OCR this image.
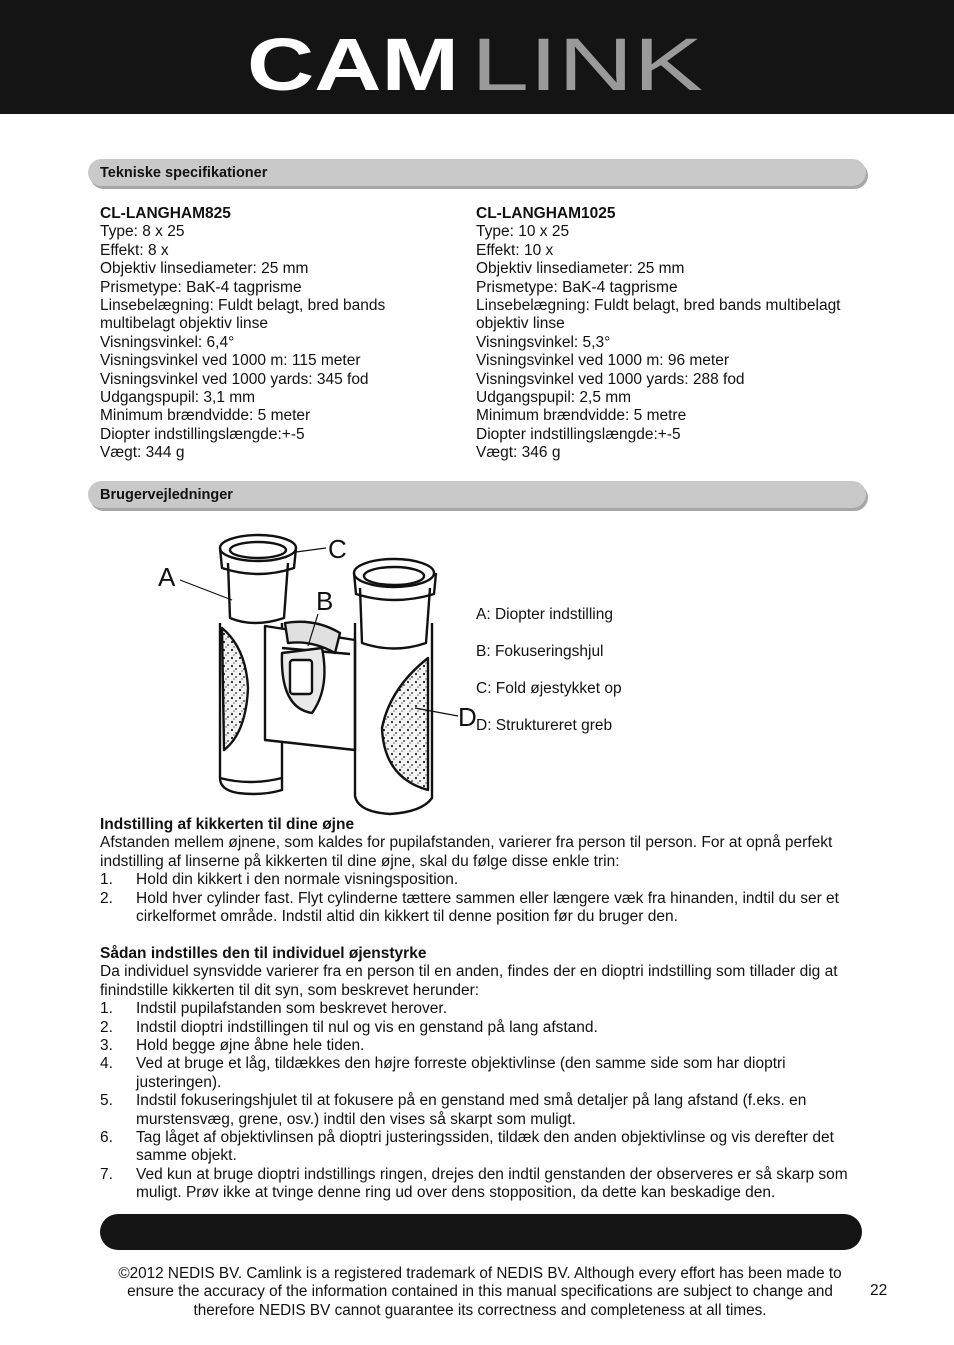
CAM LINK
Tekniske specifikationer
CL-LANGHAM825
Type: 8 x 25
Effekt: 8 x
Objektiv linsediameter: 25 mm
Prismetype: BaK-4 tagprisme
Linsebelægning: Fuldt belagt, bred bands multibelagt objektiv linse
Visningsvinkel: 6,4°
Visningsvinkel ved 1000 m: 115 meter
Visningsvinkel ved 1000 yards: 345 fod
Udgangspupil: 3,1 mm
Minimum brændvidde: 5 meter
Diopter indstillingslængde:+-5
Vægt: 344 g
CL-LANGHAM1025
Type: 10 x 25
Effekt: 10 x
Objektiv linsediameter: 25 mm
Prismetype: BaK-4 tagprisme
Linsebelægning: Fuldt belagt, bred bands multibelagt objektiv linse
Visningsvinkel: 5,3°
Visningsvinkel ved 1000 m: 96 meter
Visningsvinkel ved 1000 yards: 288 fod
Udgangspupil: 2,5 mm
Minimum brændvidde: 5 metre
Diopter indstillingslængde:+-5
Vægt: 346 g
Brugervejledninger
A
B
C
D
A: Diopter indstilling
B: Fokuseringshjul
C: Fold øjestykket op
D: Struktureret greb
Indstilling af kikkerten til dine øjne
Afstanden mellem øjnene, som kaldes for pupilafstanden, varierer fra person til person. For at opnå perfekt indstilling af linserne på kikkerten til dine øjne, skal du følge disse enkle trin:
1. Hold din kikkert i den normale visningsposition.
2. Hold hver cylinder fast. Flyt cylinderne tættere sammen eller længere væk fra hinanden, indtil du ser et cirkelformet område. Indstil altid din kikkert til denne position før du bruger den.
Sådan indstilles den til individuel øjenstyrke
Da individuel synsvidde varierer fra en person til en anden, findes der en dioptri indstilling som tillader dig at finindstille kikkerten til dit syn, som beskrevet herunder:
1. Indstil pupilafstanden som beskrevet herover.
2. Indstil dioptri indstillingen til nul og vis en genstand på lang afstand.
3. Hold begge øjne åbne hele tiden.
4. Ved at bruge et låg, tildækkes den højre forreste objektivlinse (den samme side som har dioptri justeringen).
5. Indstil fokuseringshjulet til at fokusere på en genstand med små detaljer på lang afstand (f.eks. en murstensvæg, grene, osv.) indtil den vises så skarpt som muligt.
6. Tag låget af objektivlinsen på dioptri justeringssiden, tildæk den anden objektivlinse og vis derefter det samme objekt.
7. Ved kun at bruge dioptri indstillings ringen, drejes den indtil genstanden der observeres er så skarp som muligt. Prøv ikke at tvinge denne ring ud over dens stopposition, da dette kan beskadige den.
©2012 NEDIS BV. Camlink is a registered trademark of NEDIS BV. Although every effort has been made to ensure the accuracy of the information contained in this manual specifications are subject to change and therefore NEDIS BV cannot guarantee its correctness and completeness at all times.
22
